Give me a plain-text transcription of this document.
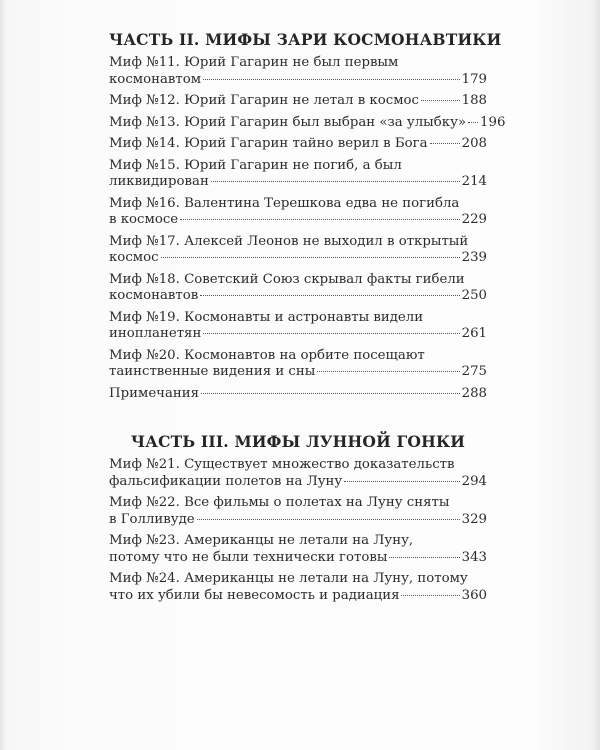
ЧАСТЬ II. МИФЫ ЗАРИ КОСМОНАВТИКИ
Миф №11. Юрий Гагарин не был первым
космонавтом	179
Миф №12. Юрий Гагарин не летал в космос	188
Миф №13. Юрий Гагарин был выбран «за улыбку» 196
Миф №14. Юрий Гагарин тайно верил в Бога	208
Миф №15. Юрий Гагарин не погиб, а был
ликвидирован	214
Миф №16. Валентина Терешкова едва не погибла
в космосе	229
Миф №17. Алексей Леонов не выходил в открытый
космос	239
Миф №18. Советский Союз скрывал факты гибели
космонавтов	250
Миф №19. Космонавты и астронавты видели
инопланетян	261
Миф №20. Космонавтов на орбите посещают
таинственные видения и сны	275
Примечания	288
ЧАСТЬ III. МИФЫ ЛУННОЙ ГОНКИ
Миф №21. Существует множество доказательств
фальсификации полетов на Луну	294
Миф №22. Все фильмы о полетах на Луну сняты
в Голливуде	329
Миф №23. Американцы не летали на Луну,
потому что не были технически готовы	343
Миф №24. Американцы не летали на Луну, потому
что их убили бы невесомость и радиация	360
